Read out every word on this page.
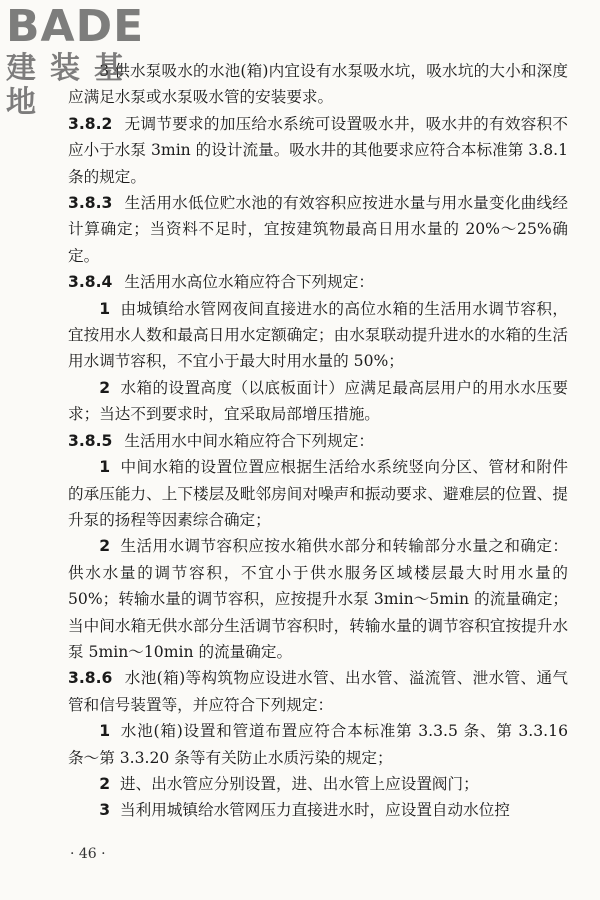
BADE
建装基地

3 供水泵吸水的水池(箱)内宜设有水泵吸水坑，吸水坑的大小和深度应满足水泵或水泵吸水管的安装要求。

3.8.2 无调节要求的加压给水系统可设置吸水井，吸水井的有效容积不应小于水泵 3min 的设计流量。吸水井的其他要求应符合本标准第 3.8.1 条的规定。

3.8.3 生活用水低位贮水池的有效容积应按进水量与用水量变化曲线经计算确定；当资料不足时，宜按建筑物最高日用水量的 20%～25%确定。

3.8.4 生活用水高位水箱应符合下列规定：

1 由城镇给水管网夜间直接进水的高位水箱的生活用水调节容积，宜按用水人数和最高日用水定额确定；由水泵联动提升进水的水箱的生活用水调节容积，不宜小于最大时用水量的 50%；

2 水箱的设置高度（以底板面计）应满足最高层用户的用水水压要求；当达不到要求时，宜采取局部增压措施。

3.8.5 生活用水中间水箱应符合下列规定：

1 中间水箱的设置位置应根据生活给水系统竖向分区、管材和附件的承压能力、上下楼层及毗邻房间对噪声和振动要求、避难层的位置、提升泵的扬程等因素综合确定；

2 生活用水调节容积应按水箱供水部分和转输部分水量之和确定：供水水量的调节容积，不宜小于供水服务区域楼层最大时用水量的 50%；转输水量的调节容积，应按提升水泵 3min～5min 的流量确定；当中间水箱无供水部分生活调节容积时，转输水量的调节容积宜按提升水泵 5min～10min 的流量确定。

3.8.6 水池(箱)等构筑物应设进水管、出水管、溢流管、泄水管、通气管和信号装置等，并应符合下列规定：

1 水池(箱)设置和管道布置应符合本标准第 3.3.5 条、第 3.3.16 条～第 3.3.20 条等有关防止水质污染的规定；

2 进、出水管应分别设置，进、出水管上应设置阀门；

3 当利用城镇给水管网压力直接进水时，应设置自动水位控

· 46 ·
